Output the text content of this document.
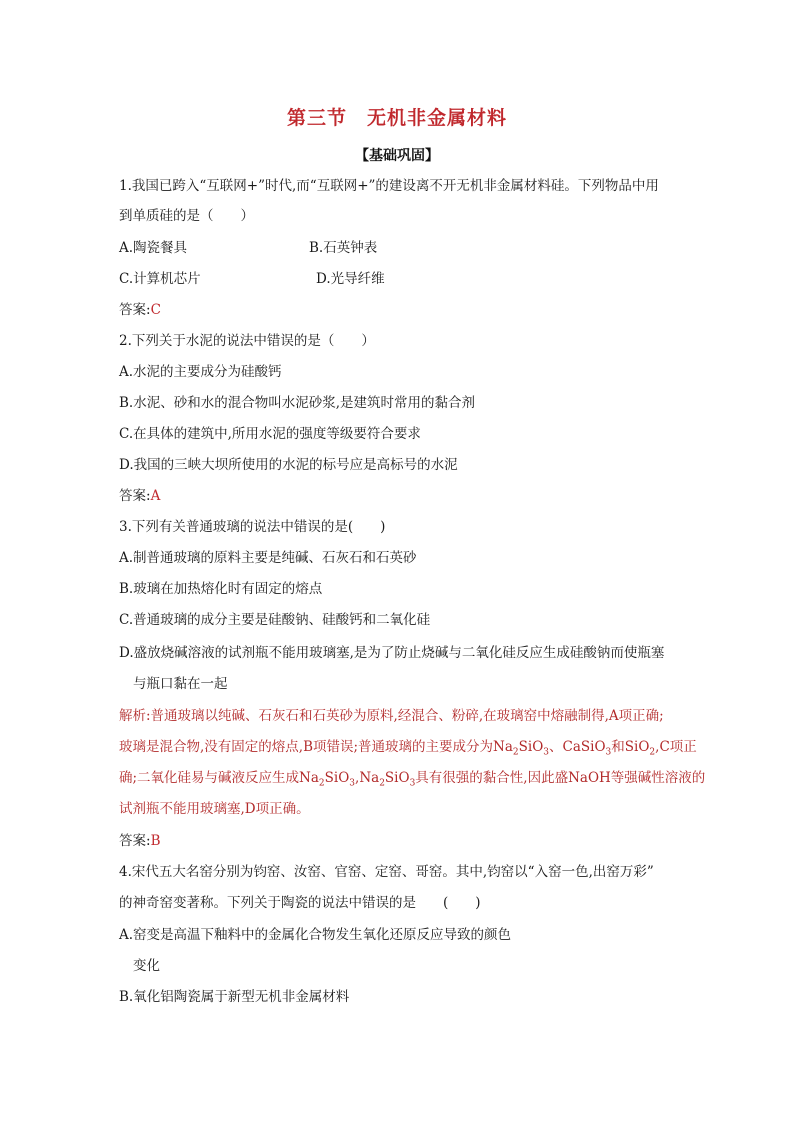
第三节　无机非金属材料
【基础巩固】
1.我国已跨入“互联网+”时代,而“互联网+”的建设离不开无机非金属材料硅。下列物品中用
到单质硅的是（　　）
A.陶瓷餐具	B.石英钟表
C.计算机芯片	D.光导纤维
答案:C
2.下列关于水泥的说法中错误的是（　　）
A.水泥的主要成分为硅酸钙
B.水泥、砂和水的混合物叫水泥砂浆,是建筑时常用的黏合剂
C.在具体的建筑中,所用水泥的强度等级要符合要求
D.我国的三峡大坝所使用的水泥的标号应是高标号的水泥
答案:A
3.下列有关普通玻璃的说法中错误的是(　　)
A.制普通玻璃的原料主要是纯碱、石灰石和石英砂
B.玻璃在加热熔化时有固定的熔点
C.普通玻璃的成分主要是硅酸钠、硅酸钙和二氧化硅
D.盛放烧碱溶液的试剂瓶不能用玻璃塞,是为了防止烧碱与二氧化硅反应生成硅酸钠而使瓶塞
与瓶口黏在一起
解析:普通玻璃以纯碱、石灰石和石英砂为原料,经混合、粉碎,在玻璃窑中熔融制得,A项正确;
玻璃是混合物,没有固定的熔点,B项错误;普通玻璃的主要成分为$Na_2SiO_3$、CaSiO$_3$和SiO$_2$,C项正
确;二氧化硅易与碱液反应生成$Na_2SiO_3,Na_2SiO_3$具有很强的黏合性,因此盛NaOH等强碱性溶液的
试剂瓶不能用玻璃塞,D项正确。
答案:B
4.宋代五大名窑分别为钧窑、汝窑、官窑、定窑、哥窑。其中,钧窑以“入窑一色,出窑万彩”
的神奇窑变著称。下列关于陶瓷的说法中错误的是　　(　　)
A.窑变是高温下釉料中的金属化合物发生氧化还原反应导致的颜色
变化
B.氧化铝陶瓷属于新型无机非金属材料
